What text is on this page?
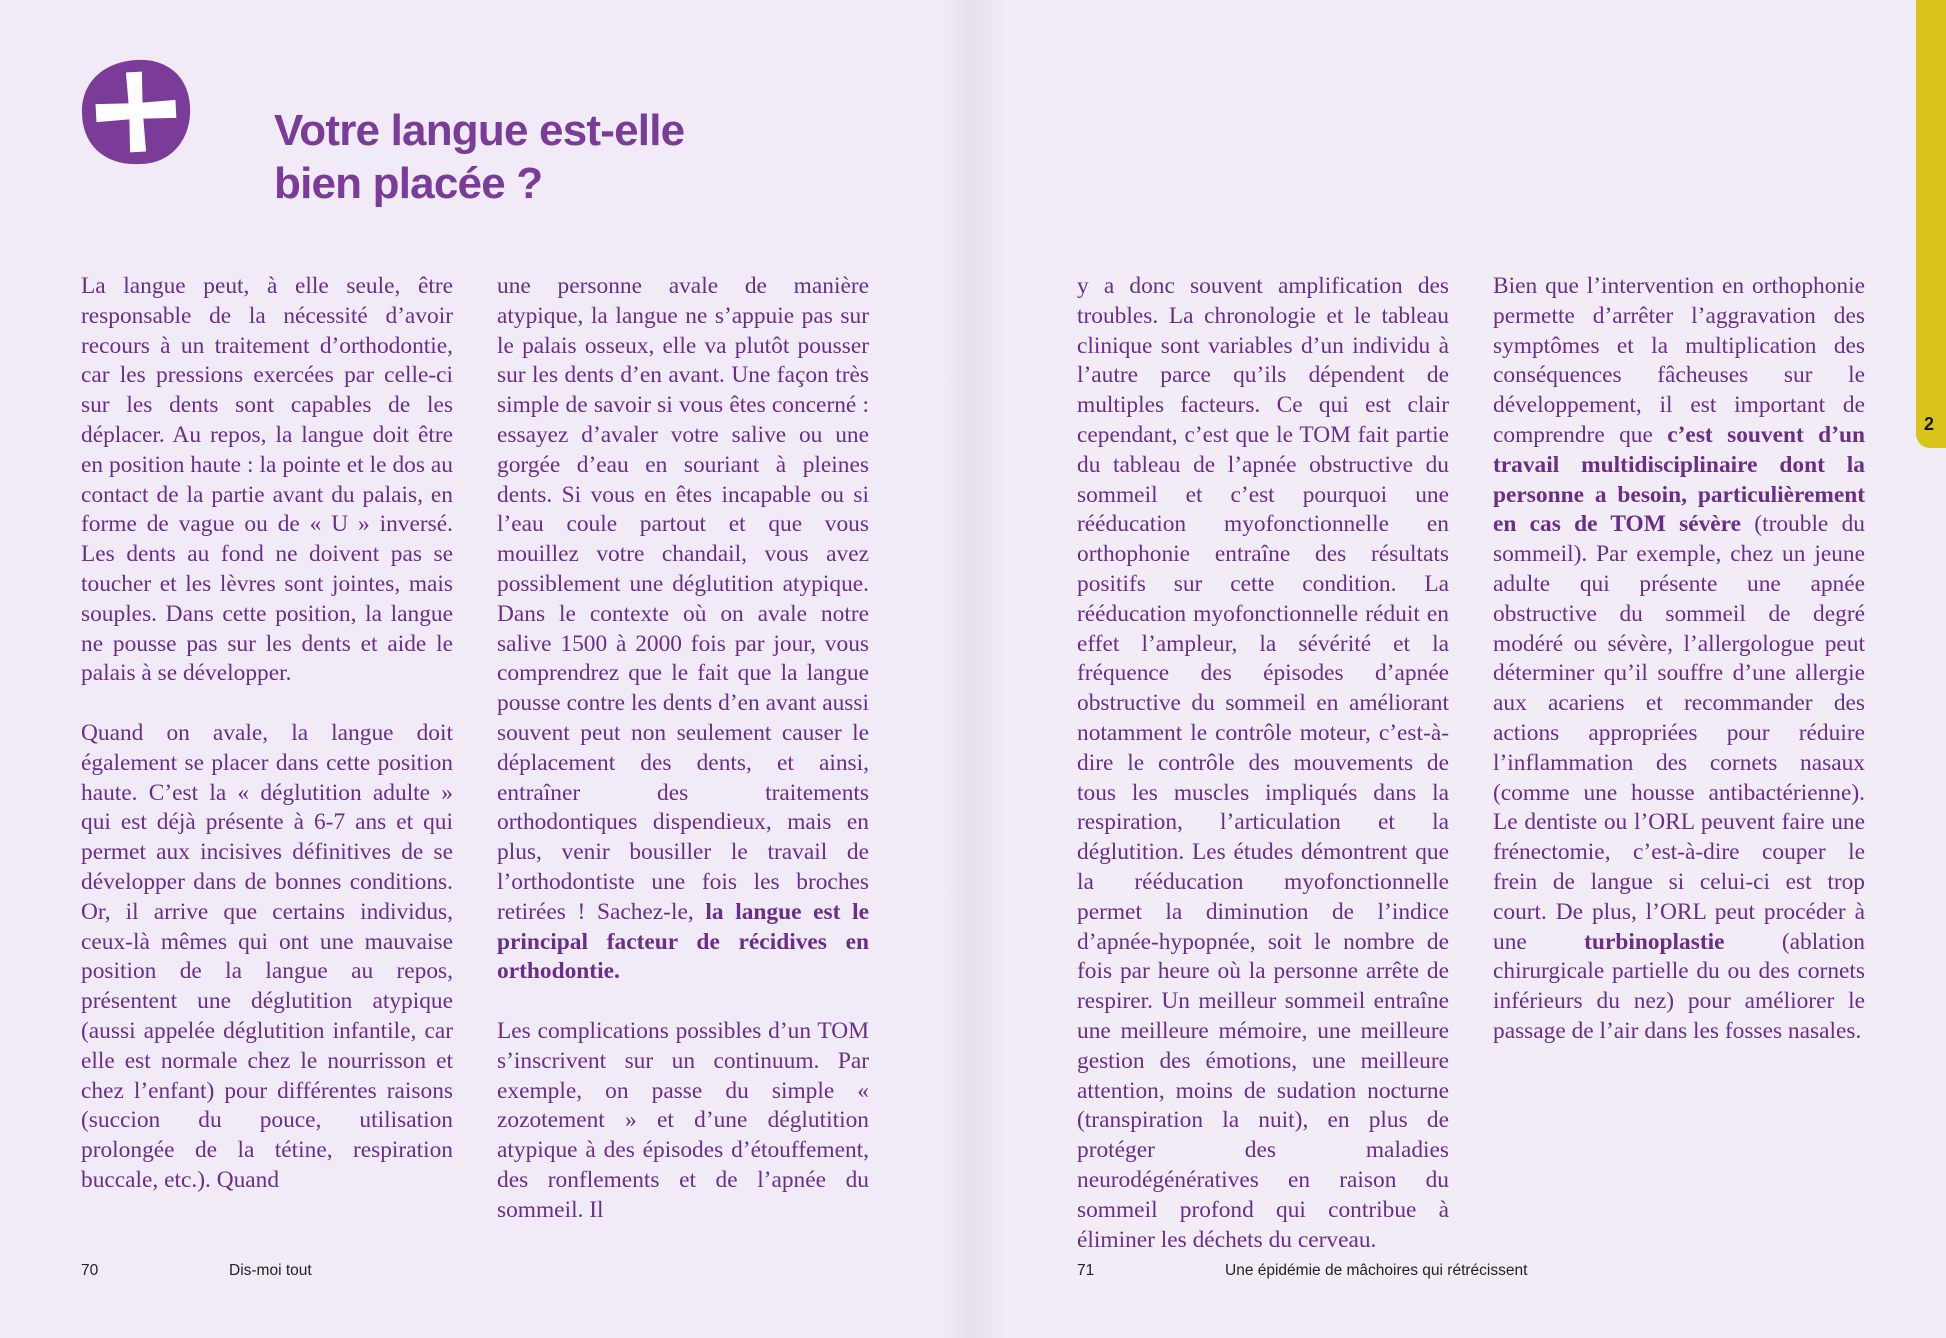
Votre langue est-elle
bien placée ?

La langue peut, à elle seule, être responsable de la nécessité d’avoir recours à un traitement d’orthodontie, car les pressions exercées par celle-ci sur les dents sont capables de les déplacer. Au repos, la langue doit être en position haute : la pointe et le dos au contact de la partie avant du palais, en forme de vague ou de « U » inversé. Les dents au fond ne doivent pas se toucher et les lèvres sont jointes, mais souples. Dans cette position, la langue ne pousse pas sur les dents et aide le palais à se développer.

Quand on avale, la langue doit également se placer dans cette position haute. C’est la « déglutition adulte » qui est déjà présente à 6-7 ans et qui permet aux incisives définitives de se développer dans de bonnes conditions. Or, il arrive que certains individus, ceux-là mêmes qui ont une mauvaise position de la langue au repos, présentent une déglutition atypique (aussi appelée déglutition infantile, car elle est normale chez le nourrisson et chez l’enfant) pour différentes raisons (succion du pouce, utilisation prolongée de la tétine, respiration buccale, etc.). Quand

une personne avale de manière atypique, la langue ne s’appuie pas sur le palais osseux, elle va plutôt pousser sur les dents d’en avant. Une façon très simple de savoir si vous êtes concerné : essayez d’avaler votre salive ou une gorgée d’eau en souriant à pleines dents. Si vous en êtes incapable ou si l’eau coule partout et que vous mouillez votre chandail, vous avez possiblement une déglutition atypique. Dans le contexte où on avale notre salive 1500 à 2000 fois par jour, vous comprendrez que le fait que la langue pousse contre les dents d’en avant aussi souvent peut non seulement causer le déplacement des dents, et ainsi, entraîner des traitements orthodontiques dispendieux, mais en plus, venir bousiller le travail de l’orthodontiste une fois les broches retirées ! Sachez-le, la langue est le principal facteur de récidives en orthodontie.

Les complications possibles d’un TOM s’inscrivent sur un continuum. Par exemple, on passe du simple « zozotement » et d’une déglutition atypique à des épisodes d’étouffement, des ronflements et de l’apnée du sommeil. Il

y a donc souvent amplification des troubles. La chronologie et le tableau clinique sont variables d’un individu à l’autre parce qu’ils dépendent de multiples facteurs. Ce qui est clair cependant, c’est que le TOM fait partie du tableau de l’apnée obstructive du sommeil et c’est pourquoi une rééducation myofonctionnelle en orthophonie entraîne des résultats positifs sur cette condition. La rééducation myofonctionnelle réduit en effet l’ampleur, la sévérité et la fréquence des épisodes d’apnée obstructive du sommeil en améliorant notamment le contrôle moteur, c’est-à-dire le contrôle des mouvements de tous les muscles impliqués dans la respiration, l’articulation et la déglutition. Les études démontrent que la rééducation myofonctionnelle permet la diminution de l’indice d’apnée-hypopnée, soit le nombre de fois par heure où la personne arrête de respirer. Un meilleur sommeil entraîne une meilleure mémoire, une meilleure gestion des émotions, une meilleure attention, moins de sudation nocturne (transpiration la nuit), en plus de protéger des maladies neurodégénératives en raison du sommeil profond qui contribue à éliminer les déchets du cerveau.

Bien que l’intervention en orthophonie permette d’arrêter l’aggravation des symptômes et la multiplication des conséquences fâcheuses sur le développement, il est important de comprendre que c’est souvent d’un travail multidisciplinaire dont la personne a besoin, particulièrement en cas de TOM sévère (trouble du sommeil). Par exemple, chez un jeune adulte qui présente une apnée obstructive du sommeil de degré modéré ou sévère, l’allergologue peut déterminer qu’il souffre d’une allergie aux acariens et recommander des actions appropriées pour réduire l’inflammation des cornets nasaux (comme une housse antibactérienne). Le dentiste ou l’ORL peuvent faire une frénectomie, c’est-à-dire couper le frein de langue si celui-ci est trop court. De plus, l’ORL peut procéder à une turbinoplastie (ablation chirurgicale partielle du ou des cornets inférieurs du nez) pour améliorer le passage de l’air dans les fosses nasales.

70	Dis-moi tout	71	Une épidémie de mâchoires qui rétrécissent
2
